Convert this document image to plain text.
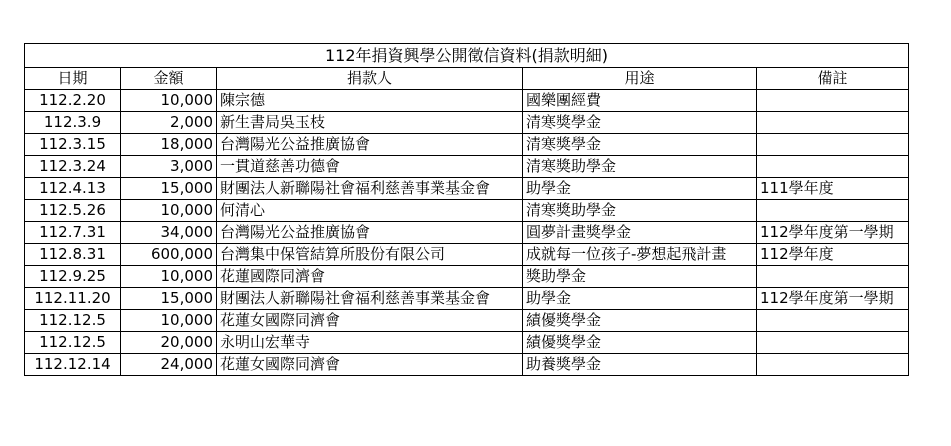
112年捐資興學公開徵信資料(捐款明細)				
日期	金額	捐款人	用途	備註
112.2.20	10,000	陳宗德	國樂團經費	
112.3.9	2,000	新生書局吳玉枝	清寒獎學金	
112.3.15	18,000	台灣陽光公益推廣協會	清寒獎學金	
112.3.24	3,000	一貫道慈善功德會	清寒獎助學金	
112.4.13	15,000	財團法人新聯陽社會福利慈善事業基金會	助學金	111學年度
112.5.26	10,000	何清心	清寒獎助學金	
112.7.31	34,000	台灣陽光公益推廣協會	圓夢計畫獎學金	112學年度第一學期
112.8.31	600,000	台灣集中保管結算所股份有限公司	成就每一位孩子-夢想起飛計畫	112學年度
112.9.25	10,000	花蓮國際同濟會	獎助學金	
112.11.20	15,000	財團法人新聯陽社會福利慈善事業基金會	助學金	112學年度第一學期
112.12.5	10,000	花蓮女國際同濟會	績優獎學金	
112.12.5	20,000	永明山宏華寺	績優獎學金	
112.12.14	24,000	花蓮女國際同濟會	助養獎學金	
